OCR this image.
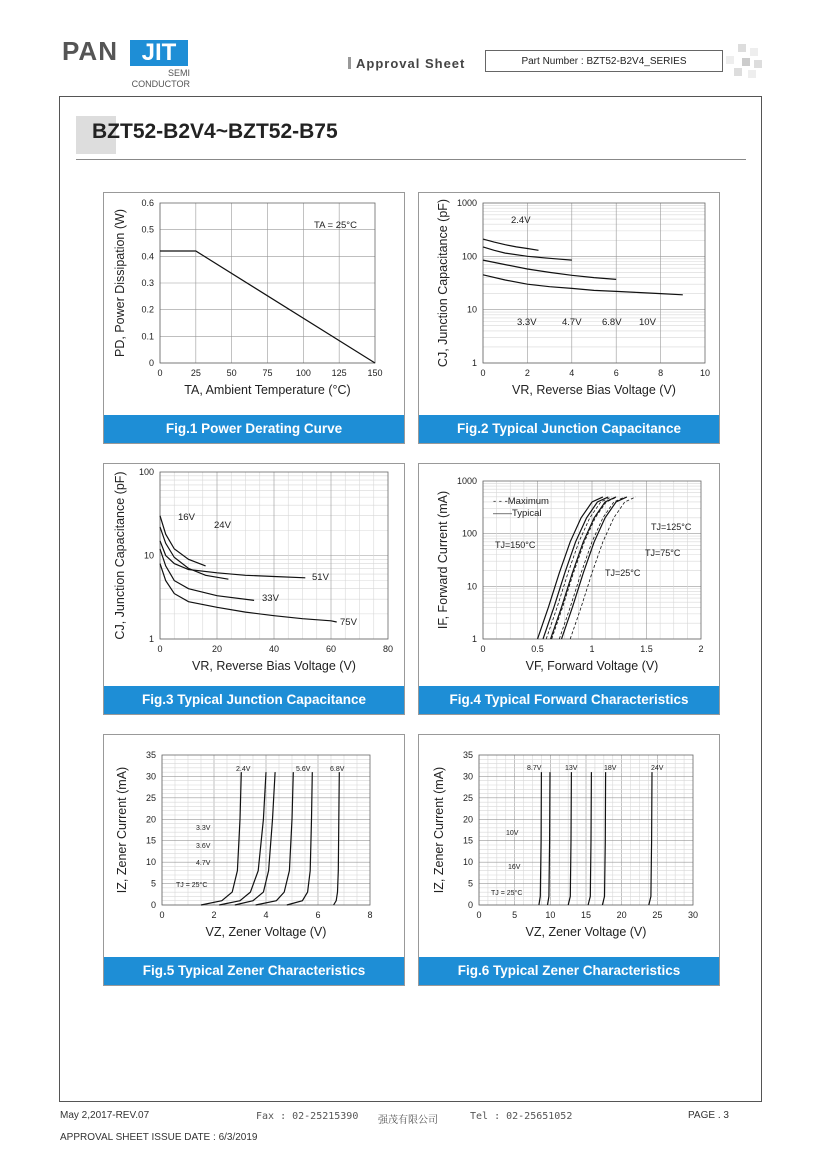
PAN JIT
SEMI
CONDUCTOR
Approval Sheet	Part Number : BZT52-B2V4_SERIES
BZT52-B2V4~BZT52-B75
0	25	50	75	100 125 150
0
0.1
0.2
0.3
0.4
0.5
0.6
TA, Ambient Temperature (°C)
PD, Power Dissipation (W)	TA = 25°C
Fig.1 Power Derating Curve
0	2	4	6	8	10
1
10
100
1000
VR, Reverse Bias Voltage (V)
CJ, Junction Capacitance (pF)	2.4V
3.3V	4.7V 6.8V 10V
Fig.2 Typical Junction Capacitance
0	20	40	60	80
1
10
100
VR, Reverse Bias Voltage (V)
CJ, Junction Capacitance (pF)	16V
24V
51V
33V
75V
Fig.3 Typical Junction Capacitance
0	0.5	1	1.5	2
1
10
100
1000
VF, Forward Voltage (V)
IF, Forward Current (mA)	- - -Maximum
——Typical
TJ=150°C
TJ=125°C
TJ=75°C
TJ=25°C
Fig.4 Typical Forward Characteristics
0	2	4	6	8
0
5
10
15
20
25
30
35
VZ, Zener Voltage (V)
IZ, Zener Current (mA)	2.4V	5.6V	6.8V
3.3V
3.6V
4.7V
TJ = 25°C
Fig.5 Typical Zener Characteristics
0	5	10	15	20	25	30
0
5
10
15
20
25
30
35
VZ, Zener Voltage (V)
IZ, Zener Current (mA)	8.7V	13V	18V	24V
10V
16V
TJ = 25°C
Fig.6 Typical Zener Characteristics
May 2,2017-REV.07	Fax : 02-25215390 强茂有限公司	Tel : 02-25651052	PAGE . 3
APPROVAL SHEET ISSUE DATE : 6/3/2019
